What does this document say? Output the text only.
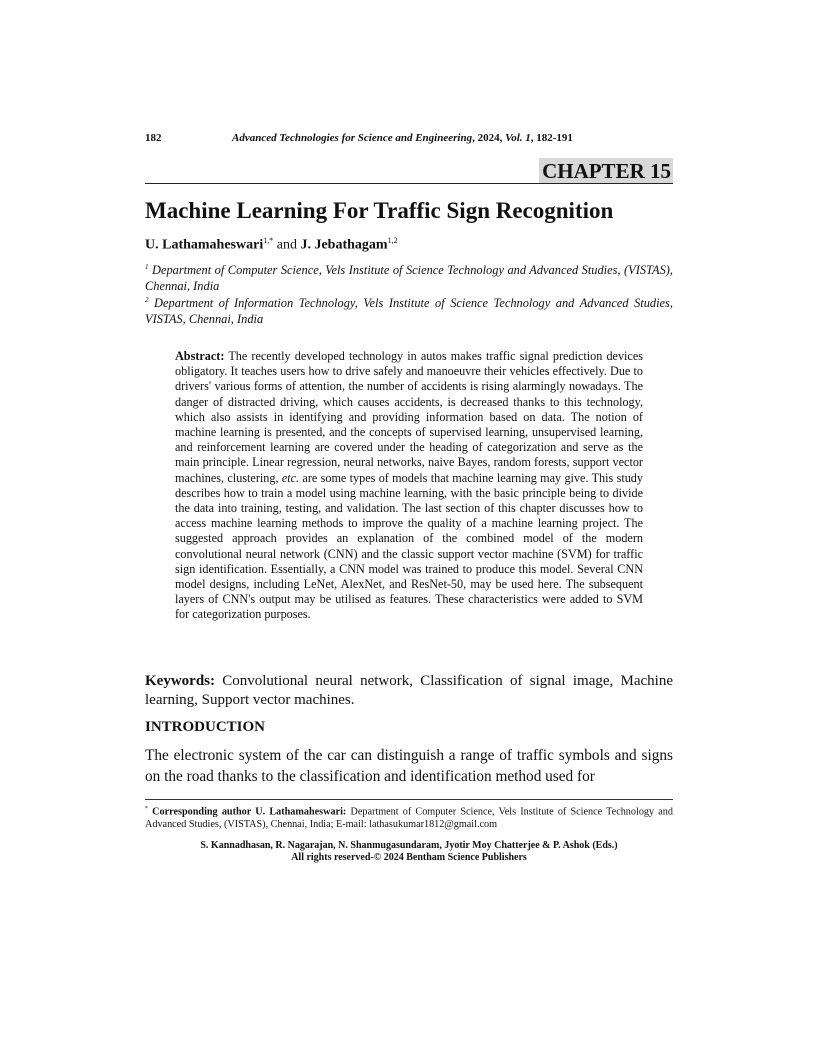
182	Advanced Technologies for Science and Engineering, 2024, Vol. 1, 182-191
CHAPTER 15
Machine Learning For Traffic Sign Recognition
U. Lathamaheswari$^{1,*}$ and J. Jebathagam$^{1,2}$
$^1$ Department of Computer Science, Vels Institute of Science Technology and Advanced Studies, (VISTAS), Chennai, India
$^2$ Department of Information Technology, Vels Institute of Science Technology and Advanced Studies, VISTAS, Chennai, India
Abstract: The recently developed technology in autos makes traffic signal prediction devices obligatory. It teaches users how to drive safely and manoeuvre their vehicles effectively. Due to drivers' various forms of attention, the number of accidents is rising alarmingly nowadays. The danger of distracted driving, which causes accidents, is decreased thanks to this technology, which also assists in identifying and providing information based on data. The notion of machine learning is presented, and the concepts of supervised learning, unsupervised learning, and reinforcement learning are covered under the heading of categorization and serve as the main principle. Linear regression, neural networks, naive Bayes, random forests, support vector machines, clustering, etc. are some types of models that machine learning may give. This study describes how to train a model using machine learning, with the basic principle being to divide the data into training, testing, and validation. The last section of this chapter discusses how to access machine learning methods to improve the quality of a machine learning project. The suggested approach provides an explanation of the combined model of the modern convolutional neural network (CNN) and the classic support vector machine (SVM) for traffic sign identification. Essentially, a CNN model was trained to produce this model. Several CNN model designs, including LeNet, AlexNet, and ResNet-50, may be used here. The subsequent layers of CNN's output may be utilised as features. These characteristics were added to SVM for categorization purposes.
Keywords: Convolutional neural network, Classification of signal image, Machine learning, Support vector machines.
INTRODUCTION
The electronic system of the car can distinguish a range of traffic symbols and signs on the road thanks to the classification and identification method used for
* Corresponding author U. Lathamaheswari: Department of Computer Science, Vels Institute of Science Technology and Advanced Studies, (VISTAS), Chennai, India; E-mail: lathasukumar1812@gmail.com
S. Kannadhasan, R. Nagarajan, N. Shanmugasundaram, Jyotir Moy Chatterjee & P. Ashok (Eds.)
All rights reserved-© 2024 Bentham Science Publishers
